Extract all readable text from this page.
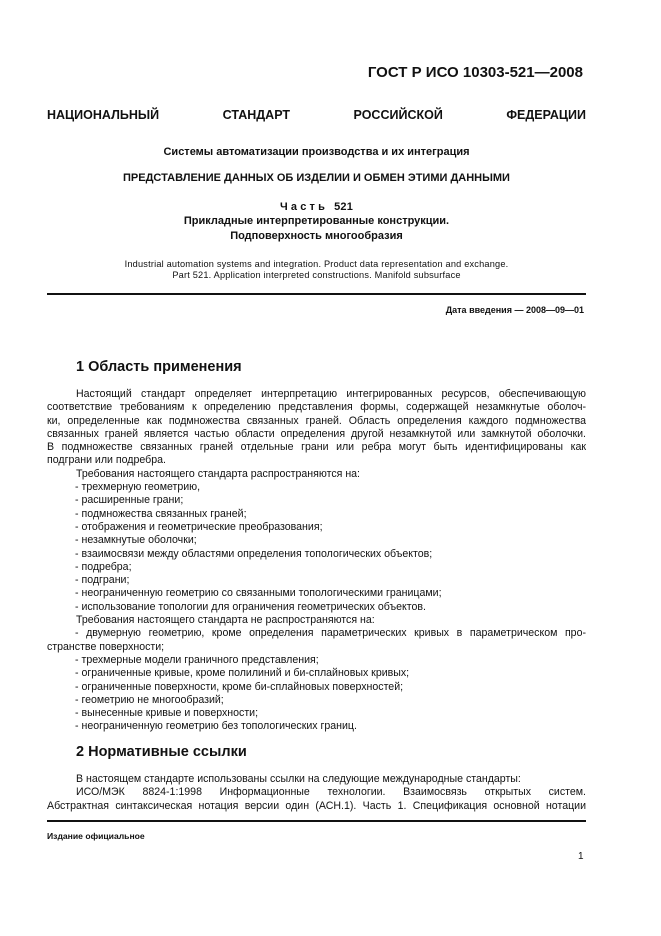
ГОСТ Р ИСО 10303-521—2008
НАЦИОНАЛЬНЫЙ	СТАНДАРТ	РОССИЙСКОЙ	ФЕДЕРАЦИИ
Системы автоматизации производства и их интеграция
ПРЕДСТАВЛЕНИЕ ДАННЫХ ОБ ИЗДЕЛИИ И ОБМЕН ЭТИМИ ДАННЫМИ
Часть 521
Прикладные интерпретированные конструкции.
Подповерхность многообразия
Industrial automation systems and integration. Product data representation and exchange.
Part 521. Application interpreted constructions. Manifold subsurface
Дата введения — 2008—09—01
1 Область применения

Настоящий стандарт определяет интерпретацию интегрированных ресурсов, обеспечивающую

соответствие требованиям к определению представления формы, содержащей незамкнутые оболоч-

ки, определенные как подмножества связанных граней. Область определения каждого подмножества

связанных граней является частью области определения другой незамкнутой или замкнутой оболочки.

В подмножестве связанных граней отдельные грани или ребра могут быть идентифицированы как

подграни или подребра.

Требования настоящего стандарта распространяются на:

- трехмерную геометрию,

- расширенные грани;

- подмножества связанных граней;

- отображения и геометрические преобразования;

- незамкнутые оболочки;

- взаимосвязи между областями определения топологических объектов;

- подребра;

- подграни;

- неограниченную геометрию со связанными топологическими границами;

- использование топологии для ограничения геометрических объектов.

Требования настоящего стандарта не распространяются на:

- двумерную геометрию, кроме определения параметрических кривых в параметрическом про-

странстве поверхности;

- трехмерные модели граничного представления;

- ограниченные кривые, кроме полилиний и би-сплайновых кривых;

- ограниченные поверхности, кроме би-сплайновых поверхностей;

- геометрию не многообразий;

- вынесенные кривые и поверхности;

- неограниченную геометрию без топологических границ.

2 Нормативные ссылки

В настоящем стандарте использованы ссылки на следующие международные стандарты:

ИСО/МЭК 8824-1:1998 Информационные технологии. Взаимосвязь открытых систем.

Абстрактная синтаксическая нотация версии один (АСН.1). Часть 1. Спецификация основной нотации

Издание официальное
1
